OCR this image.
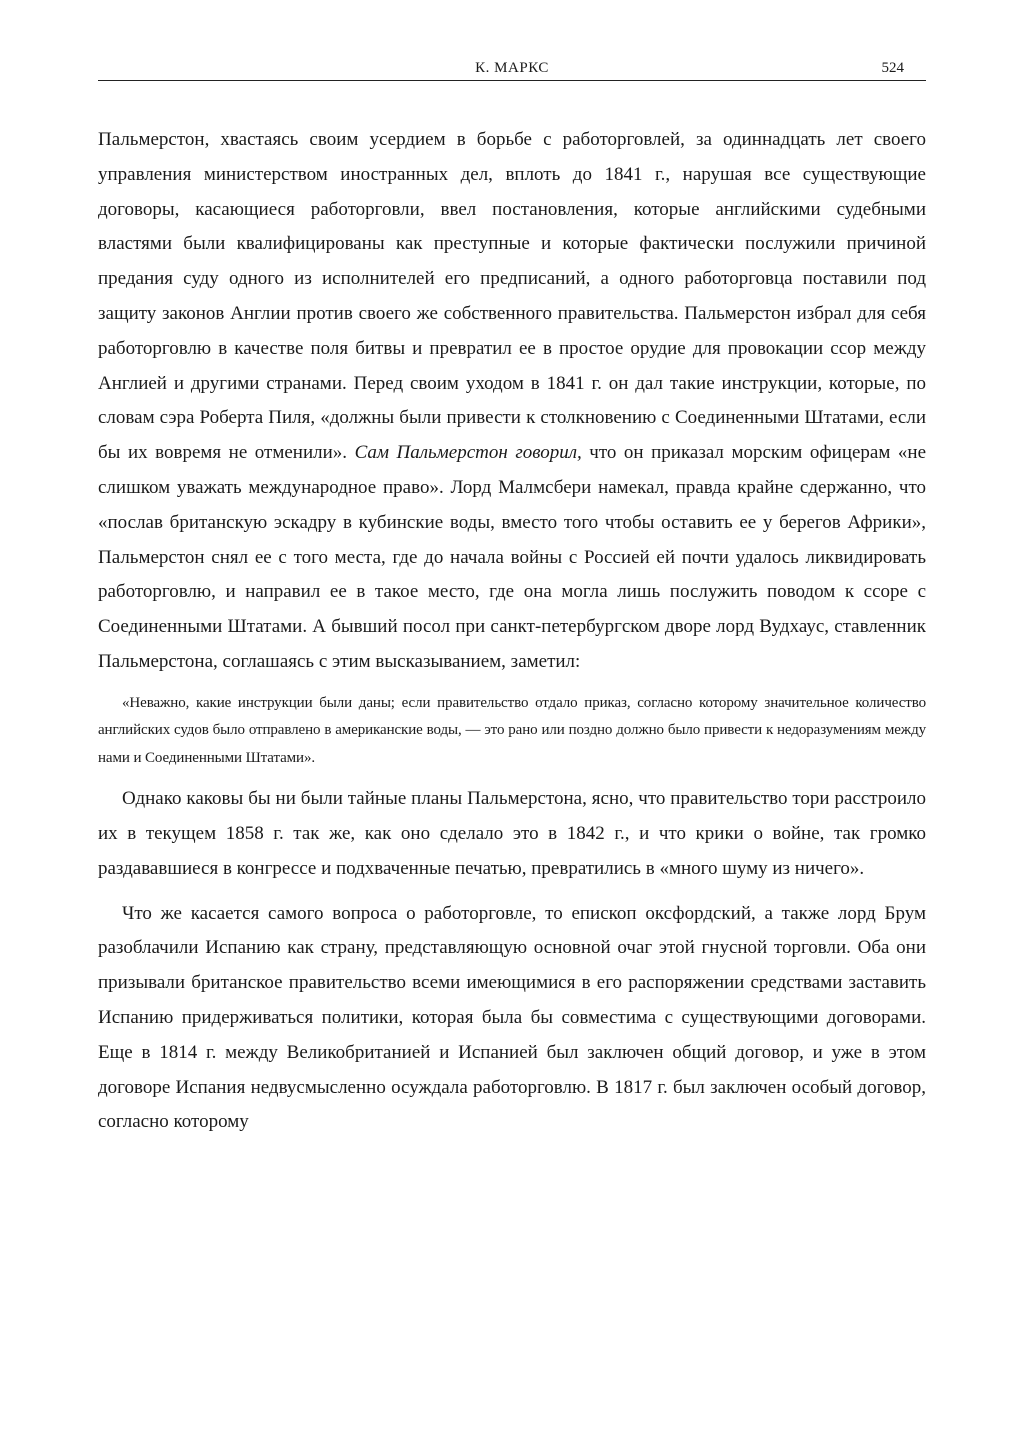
К. МАРКС	524

Пальмерстон, хвастаясь своим усердием в борьбе с работорговлей, за одиннадцать лет своего управления министерством иностранных дел, вплоть до 1841 г., нарушая все существующие договоры, касающиеся работорговли, ввел постановления, которые английскими судебными властями были квалифицированы как преступные и которые фактически послужили причиной предания суду одного из исполнителей его предписаний, а одного работорговца поставили под защиту законов Англии против своего же собственного правительства. Пальмерстон избрал для себя работорговлю в качестве поля битвы и превратил ее в простое орудие для провокации ссор между Англией и другими странами. Перед своим уходом в 1841 г. он дал такие инструкции, которые, по словам сэра Роберта Пиля, «должны были привести к столкновению с Соединенными Штатами, если бы их вовремя не отменили». Сам Пальмерстон говорил, что он приказал морским офицерам «не слишком уважать международное право». Лорд Малмсбери намекал, правда крайне сдержанно, что «послав британскую эскадру в кубинские воды, вместо того чтобы оставить ее у берегов Африки», Пальмерстон снял ее с того места, где до начала войны с Россией ей почти удалось ликвидировать работорговлю, и направил ее в такое место, где она могла лишь послужить поводом к ссоре с Соединенными Штатами. А бывший посол при санкт-петербургском дворе лорд Вудхаус, ставленник Пальмерстона, соглашаясь с этим высказыванием, заметил:

«Неважно, какие инструкции были даны; если правительство отдало приказ, согласно которому значительное количество английских судов было отправлено в американские воды, — это рано или поздно должно было привести к недоразумениям между нами и Соединенными Штатами».

Однако каковы бы ни были тайные планы Пальмерстона, ясно, что правительство тори расстроило их в текущем 1858 г. так же, как оно сделало это в 1842 г., и что крики о войне, так громко раздававшиеся в конгрессе и подхваченные печатью, превратились в «много шуму из ничего».

Что же касается самого вопроса о работорговле, то епископ оксфордский, а также лорд Брум разоблачили Испанию как страну, представляющую основной очаг этой гнусной торговли. Оба они призывали британское правительство всеми имеющимися в его распоряжении средствами заставить Испанию придерживаться политики, которая была бы совместима с существующими договорами. Еще в 1814 г. между Великобританией и Испанией был заключен общий договор, и уже в этом договоре Испания недвусмысленно осуждала работорговлю. В 1817 г. был заключен особый договор, согласно которому
